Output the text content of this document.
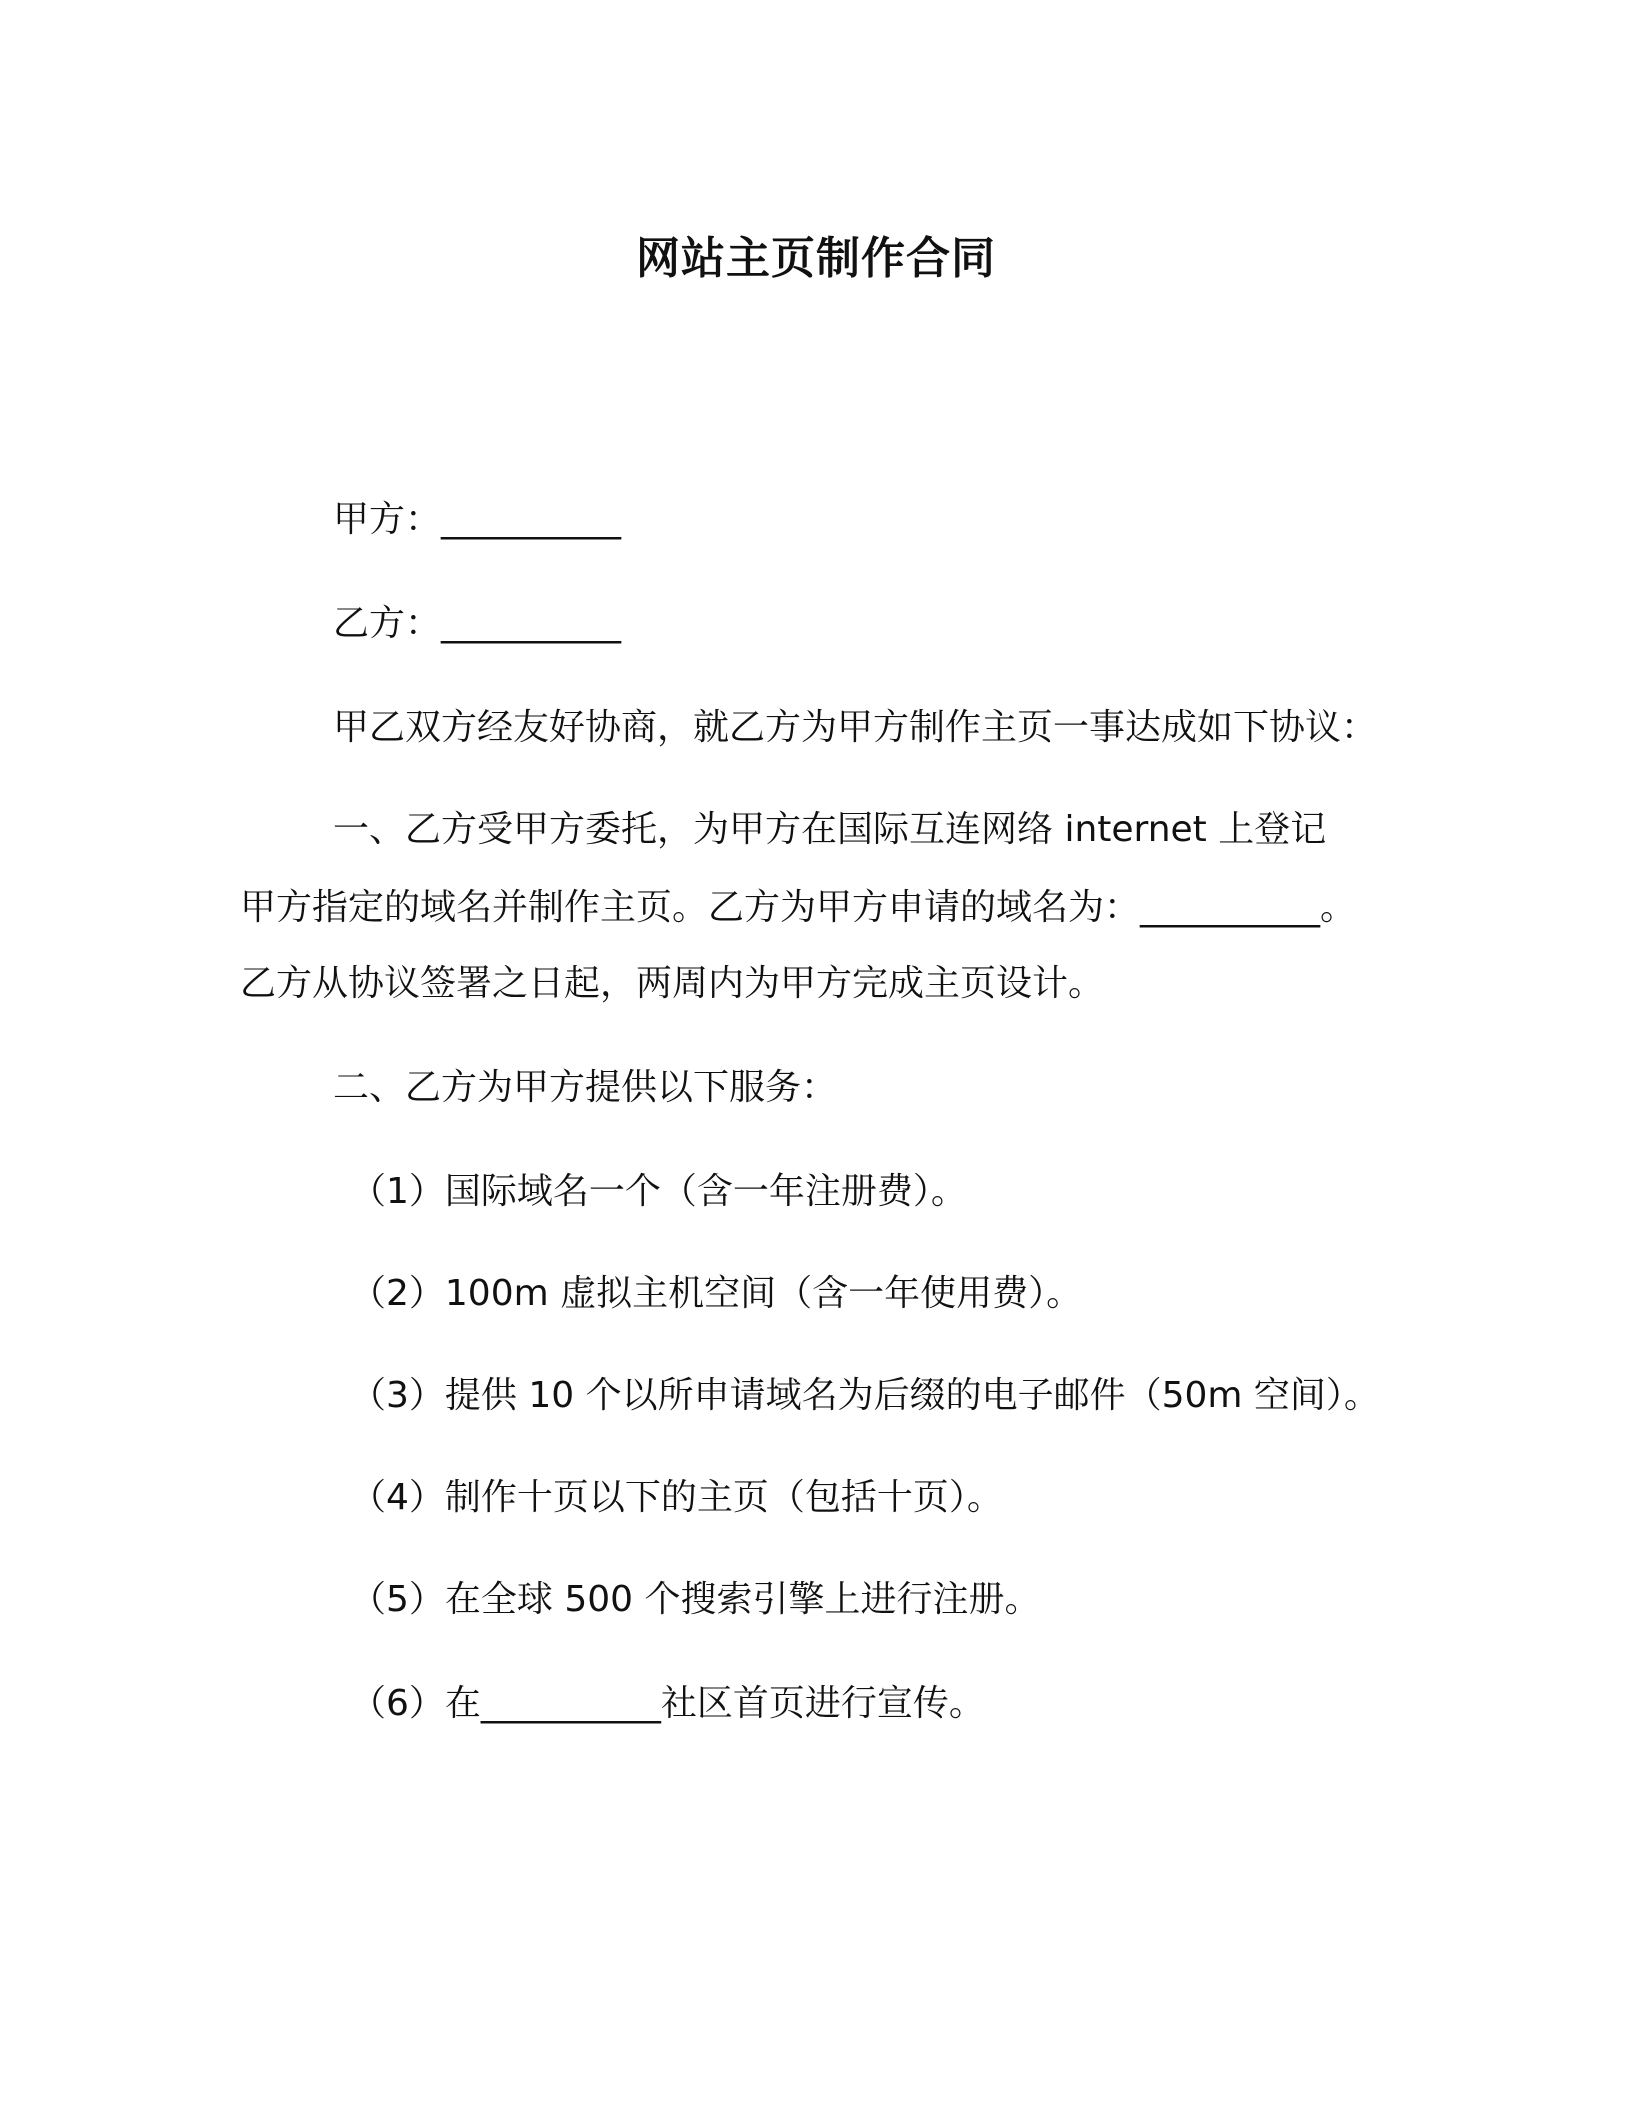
网站主页制作合同
甲方：__________
乙方：__________
甲乙双方经友好协商，就乙方为甲方制作主页一事达成如下协议：
一、乙方受甲方委托，为甲方在国际互连网络 internet 上登记
甲方指定的域名并制作主页。乙方为甲方申请的域名为：__________。
乙方从协议签署之日起，两周内为甲方完成主页设计。
二、乙方为甲方提供以下服务：
（1）国际域名一个（含一年注册费）。
（2）100m 虚拟主机空间（含一年使用费）。
（3）提供 10 个以所申请域名为后缀的电子邮件（50m 空间）。
（4）制作十页以下的主页（包括十页）。
（5）在全球 500 个搜索引擎上进行注册。
（6）在__________社区首页进行宣传。
